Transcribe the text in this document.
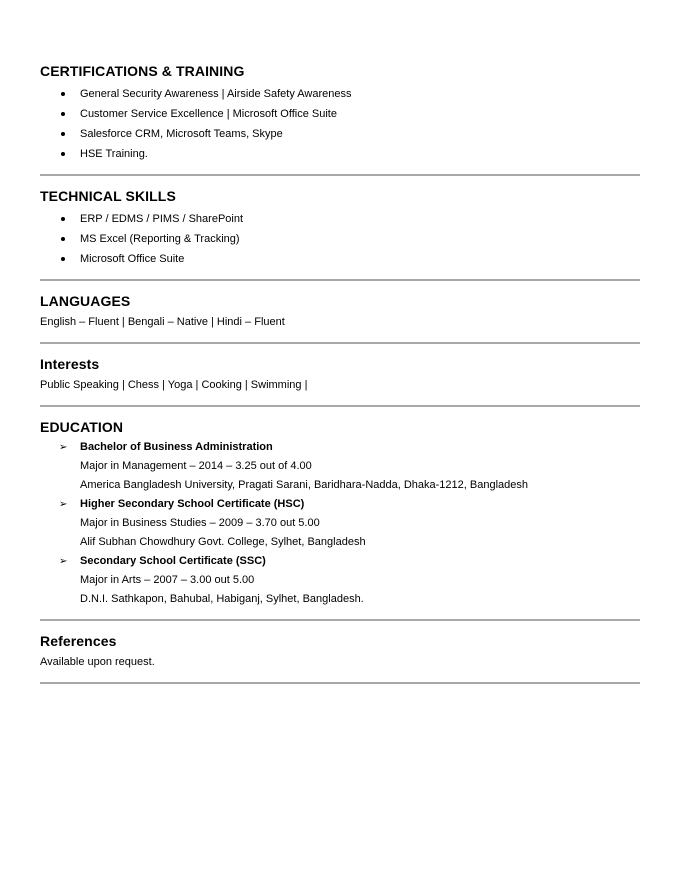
CERTIFICATIONS & TRAINING
General Security Awareness | Airside Safety Awareness
Customer Service Excellence | Microsoft Office Suite
Salesforce CRM, Microsoft Teams, Skype
HSE Training.
TECHNICAL SKILLS
ERP / EDMS / PIMS / SharePoint
MS Excel (Reporting & Tracking)
Microsoft Office Suite
LANGUAGES

English – Fluent | Bengali – Native | Hindi – Fluent

Interests

Public Speaking | Chess | Yoga | Cooking | Swimming |

EDUCATION
➢ Bachelor of Business Administration
Major in Management – 2014 – 3.25 out of 4.00
America Bangladesh University, Pragati Sarani, Baridhara-Nadda, Dhaka-1212, Bangladesh
➢ Higher Secondary School Certificate (HSC)
Major in Business Studies – 2009 – 3.70 out 5.00
Alif Subhan Chowdhury Govt. College, Sylhet, Bangladesh
➢ Secondary School Certificate (SSC)
Major in Arts – 2007 – 3.00 out 5.00
D.N.I. Sathkapon, Bahubal, Habiganj, Sylhet, Bangladesh.
References

Available upon request.
